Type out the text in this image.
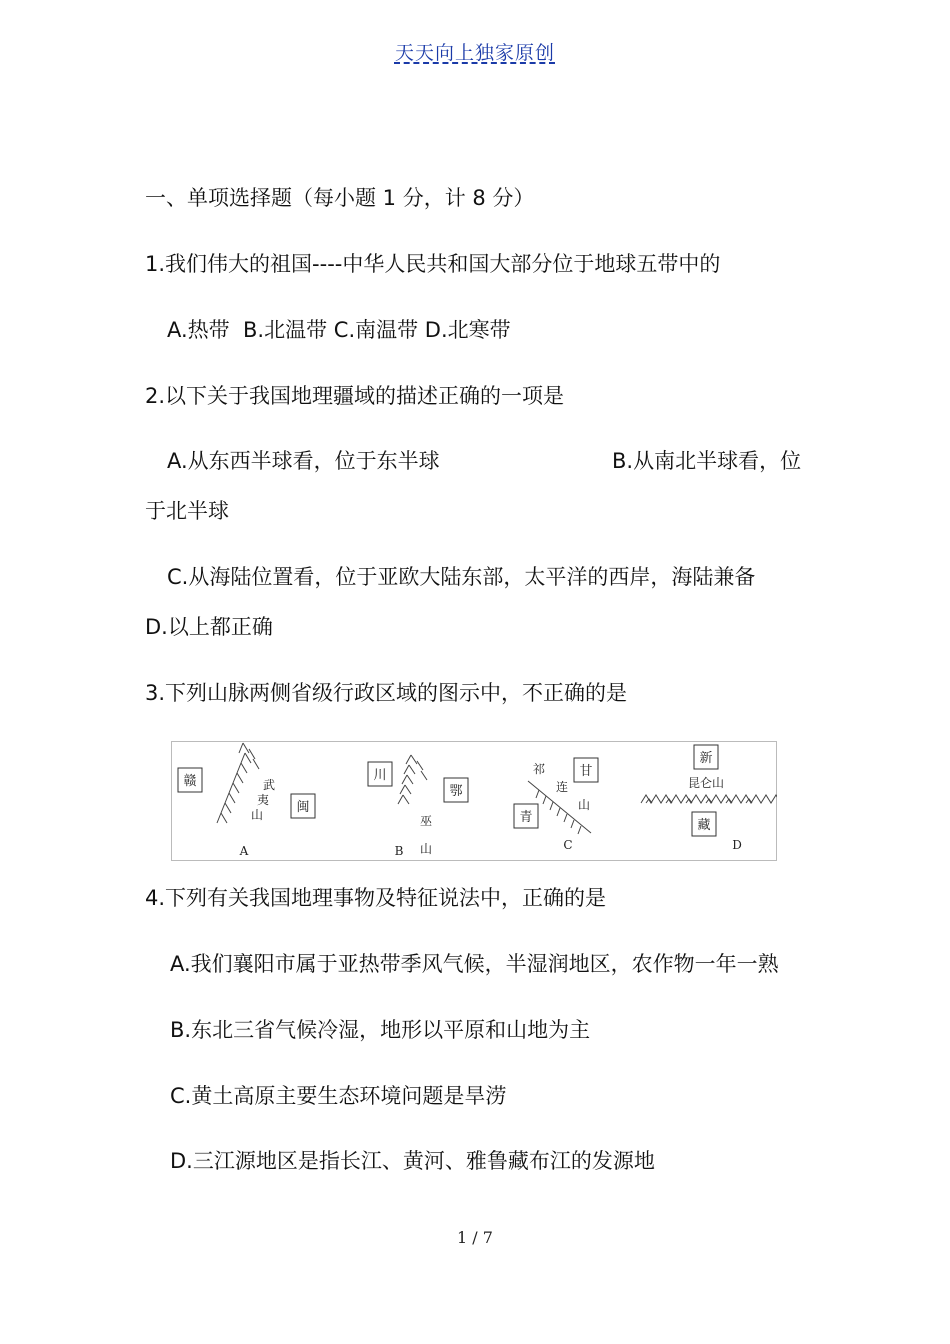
天天向上独家原创
一、单项选择题（每小题 1 分，计 8 分）
1.我们伟大的祖国----中华人民共和国大部分位于地球五带中的
A.热带  B.北温带 C.南温带 D.北寒带
2.以下关于我国地理疆域的描述正确的一项是
A.从东西半球看，位于东半球	B.从南北半球看，位
于北半球
C.从海陆位置看，位于亚欧大陆东部，太平洋的西岸，海陆兼备
D.以上都正确
3.下列山脉两侧省级行政区域的图示中，不正确的是
赣
闽
武
夷
山
A
川
鄂
巫
山
B
甘
青
祁
连
山
C
新
藏
昆仑山
D
4.下列有关我国地理事物及特征说法中，正确的是
A.我们襄阳市属于亚热带季风气候，半湿润地区，农作物一年一熟
B.东北三省气候冷湿，地形以平原和山地为主
C.黄土高原主要生态环境问题是旱涝
D.三江源地区是指长江、黄河、雅鲁藏布江的发源地
1 / 7
